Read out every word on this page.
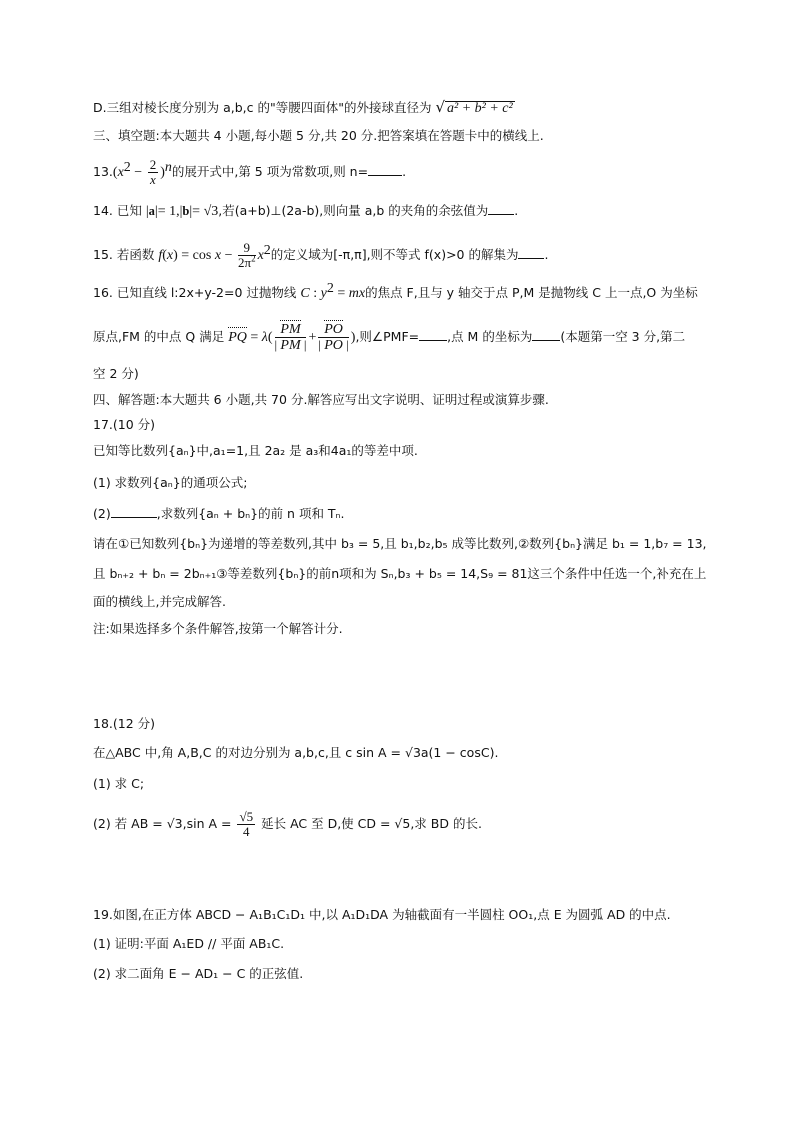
D.三组对棱长度分别为 a,b,c 的"等腰四面体"的外接球直径为 √ a² + b² + c²
三、填空题:本大题共 4 小题,每小题 5 分,共 20 分.把答案填在答题卡中的横线上.
$13.(x^2 - \frac{2}{x} )^n$的展开式中,第 5 项为常数项,则 n=	.
14. 已知 |a|= 1,|b|= √3,若(a+b)⊥(2a-b),则向量 a,b 的夹角的余弦值为 .
15. 若函数 $f(x) = \cos x - \frac{9}{2\pi^2} x^2$的定义域为[-π,π],则不等式 f(x)>0 的解集为 .
16. 已知直线 l:2x+y-2=0 过抛物线 C : $y^2$ = mx的焦点 F,且与 y 轴交于点 P,M 是抛物线 C 上一点,O 为坐标
原点,FM 的中点 Q 满足 PQ = $\lambda( \frac{PM}{| PM |} + \frac{PO}{| PO |}$ ),则∠PMF= ,点 M 的坐标为 (本题第一空 3 分,第二
空 2 分)
四、解答题:本大题共 6 小题,共 70 分.解答应写出文字说明、证明过程或演算步骤.
17.(10 分)
已知等比数列{aₙ}中,a₁=1,且 2a₂ 是 a₃和4a₁的等差中项.
(1) 求数列{aₙ}的通项公式;
(2)	,求数列{aₙ + bₙ}的前 n 项和 Tₙ.
请在①已知数列{bₙ}为递增的等差数列,其中 b₃ = 5,且 b₁,b₂,b₅ 成等比数列,②数列{bₙ}满足 b₁ = 1,b₇ = 13,
且 bₙ₊₂ + bₙ = 2bₙ₊₁③等差数列{bₙ}的前n项和为 Sₙ,b₃ + b₅ = 14,S₉ = 81这三个条件中任选一个,补充在上
面的横线上,并完成解答.
注:如果选择多个条件解答,按第一个解答计分.
18.(12 分)
在△ABC 中,角 A,B,C 的对边分别为 a,b,c,且 c sin A = √3a(1 − cosC).
(1) 求 C;
(2) 若 AB = √3,sin $A = \frac{√5}{4}$ 延长 AC 至 D,使 CD = √5,求 BD 的长.
19.如图,在正方体 ABCD − A₁B₁C₁D₁ 中,以 A₁D₁DA 为轴截面有一半圆柱 OO₁,点 E 为圆弧 AD 的中点.
(1) 证明:平面 A₁ED // 平面 AB₁C.
(2) 求二面角 E − AD₁ − C 的正弦值.
